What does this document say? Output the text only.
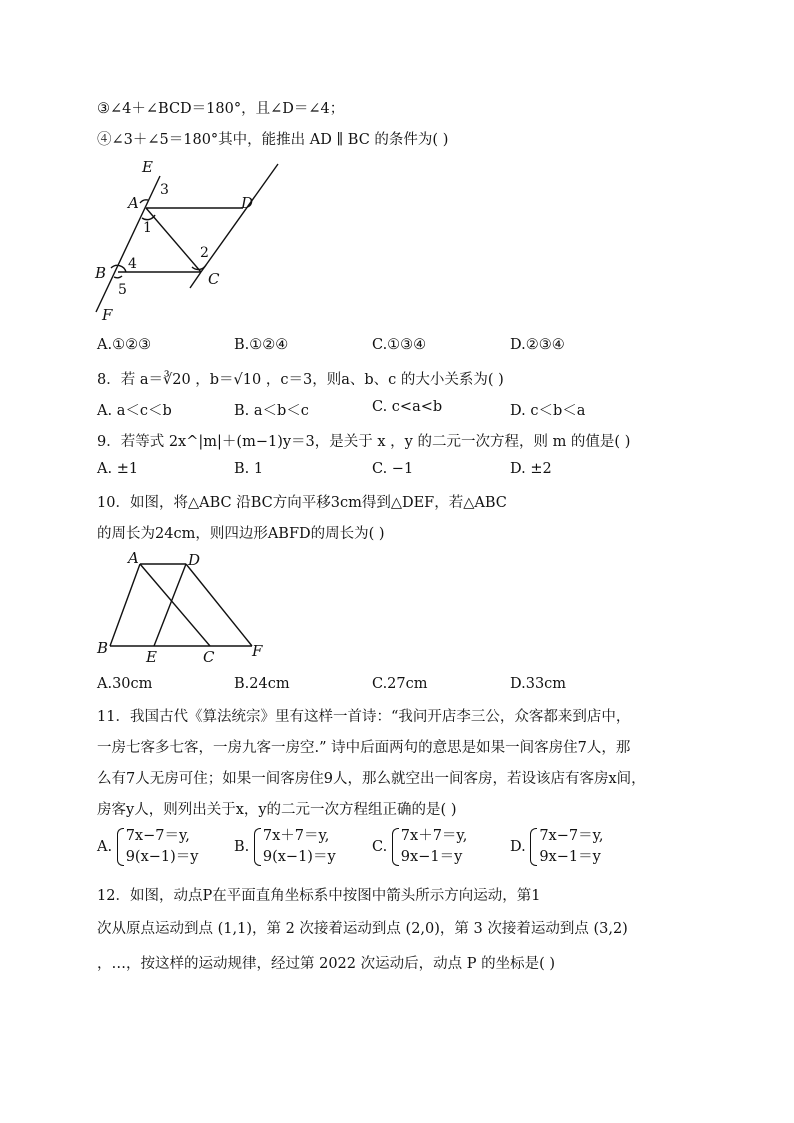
③∠4＋∠BCD＝180°，且∠D＝∠4；
④∠3＋∠5＝180°其中，能推出 AD ∥ BC 的条件为( )
E
A	D
B	C
F
1
2
3
4
5
A.①②③	B.①②④	C.①③④	D.②③④
8．若 a＝∛20 ，b＝√10 ，c＝3，则a、b、c 的大小关系为( )
A. a＜c＜b	B. a＜b＜c	C. c<a<b	D. c＜b＜a
9．若等式 2x^|m|＋(m−1)y＝3，是关于 x ，y 的二元一次方程，则 m 的值是( )
A. ±1	B. 1	C. −1	D. ±2
10．如图，将△ABC 沿BC方向平移3cm得到△DEF，若△ABC
的周长为24cm，则四边形ABFD的周长为( )
A	D
B	E	C	F
A.30cm	B.24cm	C.27cm	D.33cm
11．我国古代《算法统宗》里有这样一首诗：“我问开店李三公，众客都来到店中，
一房七客多七客，一房九客一房空.” 诗中后面两句的意思是如果一间客房住7人，那
么有7人无房可住；如果一间客房住9人，那么就空出一间客房，若设该店有客房x间，
房客y人，则列出关于x，y的二元一次方程组正确的是( )
A.
7x−7＝y,
9(x−1)＝y
B.
7x＋7＝y,
9(x−1)＝y
C.
7x＋7＝y,
9x−1＝y
D.
7x−7＝y,
9x−1＝y
12．如图，动点P在平面直角坐标系中按图中箭头所示方向运动，第1
次从原点运动到点 (1,1)，第 2 次接着运动到点 (2,0)，第 3 次接着运动到点 (3,2)
，…，按这样的运动规律，经过第 2022 次运动后，动点 P 的坐标是( )
